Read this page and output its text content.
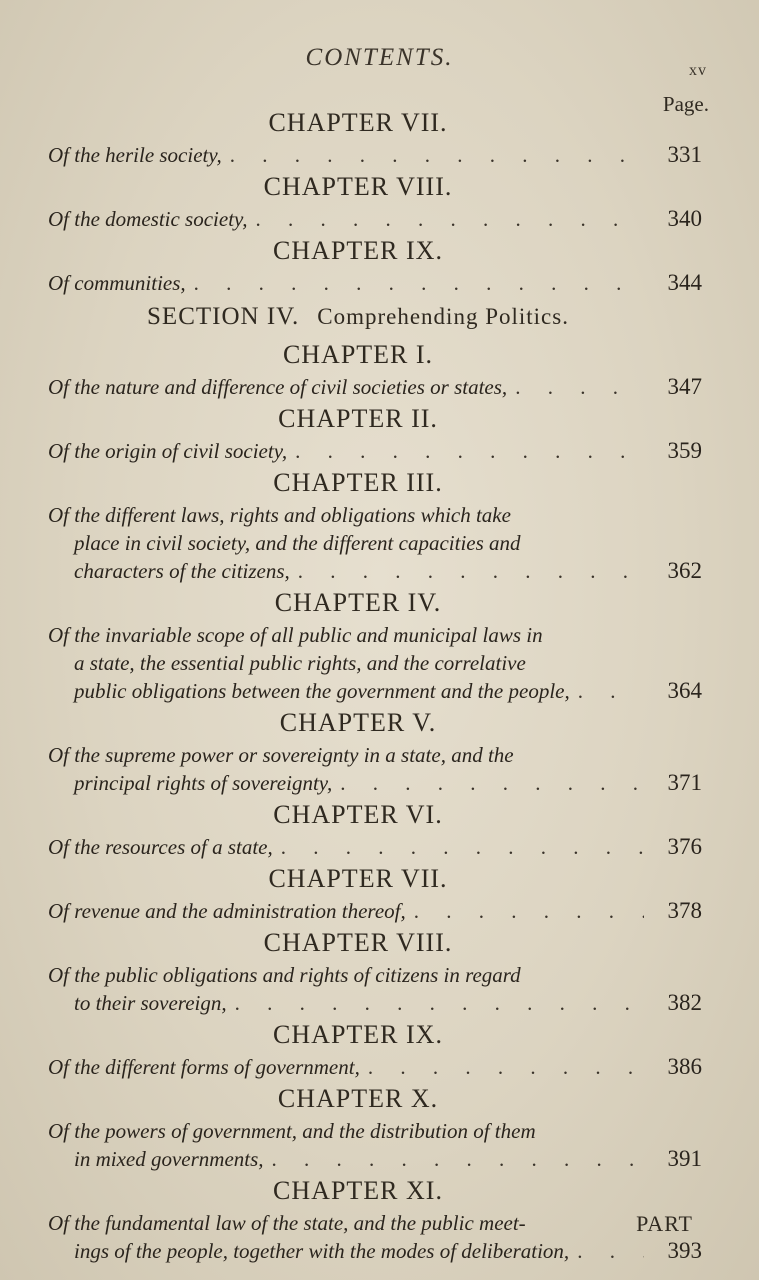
CONTENTS.	xv
Page.
CHAPTER VII.
Of the herile society, . . .	331
CHAPTER VIII.
Of the domestic society, . . .	340
CHAPTER IX.
Of communities, . . .	344
SECTION IV. Comprehending Politics.
CHAPTER I.
Of the nature and difference of civil societies or states, . . .	347
CHAPTER II.
Of the origin of civil society, . . .	359
CHAPTER III.
Of the different laws, rights and obligations which take
place in civil society, and the different capacities and
characters of the citizens, . . .	362
CHAPTER IV.
Of the invariable scope of all public and municipal laws in
a state, the essential public rights, and the correlative
public obligations between the government and the people, . . .	364
CHAPTER V.
Of the supreme power or sovereignty in a state, and the
principal rights of sovereignty, . . .	371
CHAPTER VI.
Of the resources of a state, . . .	376
CHAPTER VII.
Of revenue and the administration thereof, . . .	378
CHAPTER VIII.
Of the public obligations and rights of citizens in regard
to their sovereign, . . .	382
CHAPTER IX.
Of the different forms of government, . . .	386
CHAPTER X.
Of the powers of government, and the distribution of them
in mixed governments, . . .	391
CHAPTER XI.
Of the fundamental law of the state, and the public meet-
ings of the people, together with the modes of deliberation, . . .	393
PART
